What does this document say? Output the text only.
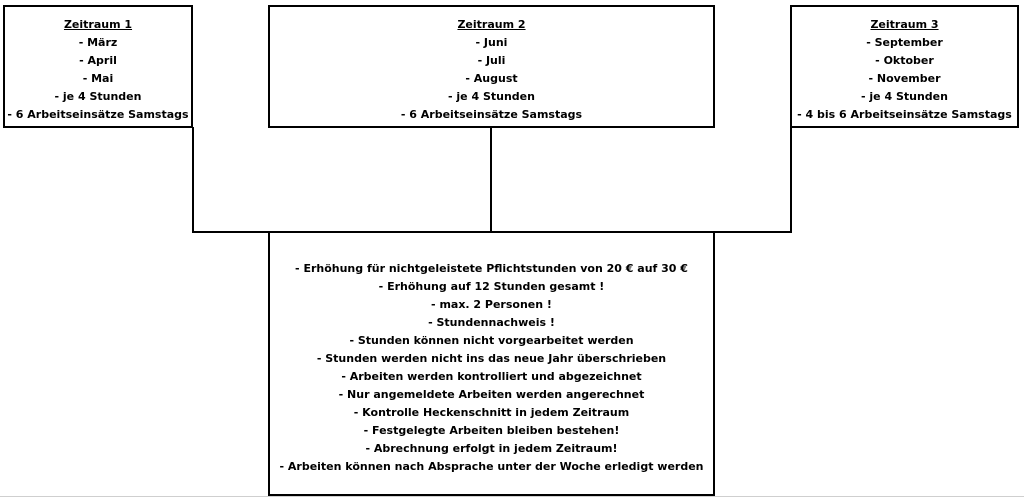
Zeitraum 1
- März
- April
- Mai
- je 4 Stunden
- 6 Arbeitseinsätze Samstags
Zeitraum 2
- Juni
- Juli
- August
- je 4 Stunden
- 6 Arbeitseinsätze Samstags
Zeitraum 3
- September
- Oktober
- November
- je 4 Stunden
- 4 bis 6 Arbeitseinsätze Samstags
- Erhöhung für nichtgeleistete Pflichtstunden von 20 € auf 30 €
- Erhöhung auf 12 Stunden gesamt !
- max. 2 Personen !
- Stundennachweis !
- Stunden können nicht vorgearbeitet werden
- Stunden werden nicht ins das neue Jahr überschrieben
- Arbeiten werden kontrolliert und abgezeichnet
- Nur angemeldete Arbeiten werden angerechnet
- Kontrolle Heckenschnitt in jedem Zeitraum
- Festgelegte Arbeiten bleiben bestehen!
- Abrechnung erfolgt in jedem Zeitraum!
- Arbeiten können nach Absprache unter der Woche erledigt werden
